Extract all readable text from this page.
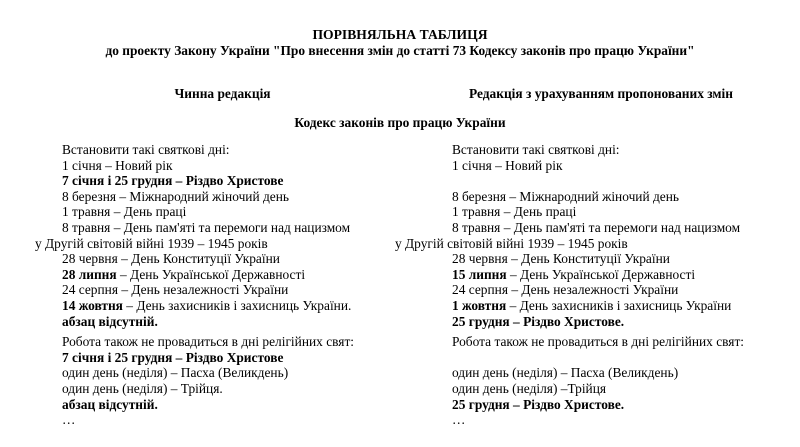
ПОРІВНЯЛЬНА ТАБЛИЦЯ
до проекту Закону України "Про внесення змін до статті 73 Кодексу законів про працю України"
Чинна редакція	Редакція з урахуванням пропонованих змін
Кодекс законів про працю України
Встановити такі святкові дні:
1 січня – Новий рік
7 січня і 25 грудня – Різдво Христове
8 березня – Міжнародний жіночий день
1 травня – День праці
8 травня – День пам'яті та перемоги над нацизмом
у Другій світовій війні 1939 – 1945 років
28 червня – День Конституції України
28 липня – День Української Державності
24 серпня – День незалежності України
14 жовтня – День захисників і захисниць України.
абзац відсутній.
Робота також не провадиться в дні релігійних свят:
7 січня і 25 грудня – Різдво Христове
один день (неділя) – Пасха (Великдень)
один день (неділя) – Трійця.
абзац відсутній.
…
Встановити такі святкові дні:
1 січня – Новий рік

8 березня – Міжнародний жіночий день
1 травня – День праці
8 травня – День пам'яті та перемоги над нацизмом
у Другій світовій війні 1939 – 1945 років
28 червня – День Конституції України
15 липня – День Української Державності
24 серпня – День незалежності України
1 жовтня – День захисників і захисниць України
25 грудня – Різдво Христове.
Робота також не провадиться в дні релігійних свят:

один день (неділя) – Пасха (Великдень)
один день (неділя) –Трійця
25 грудня – Різдво Христове.
…
